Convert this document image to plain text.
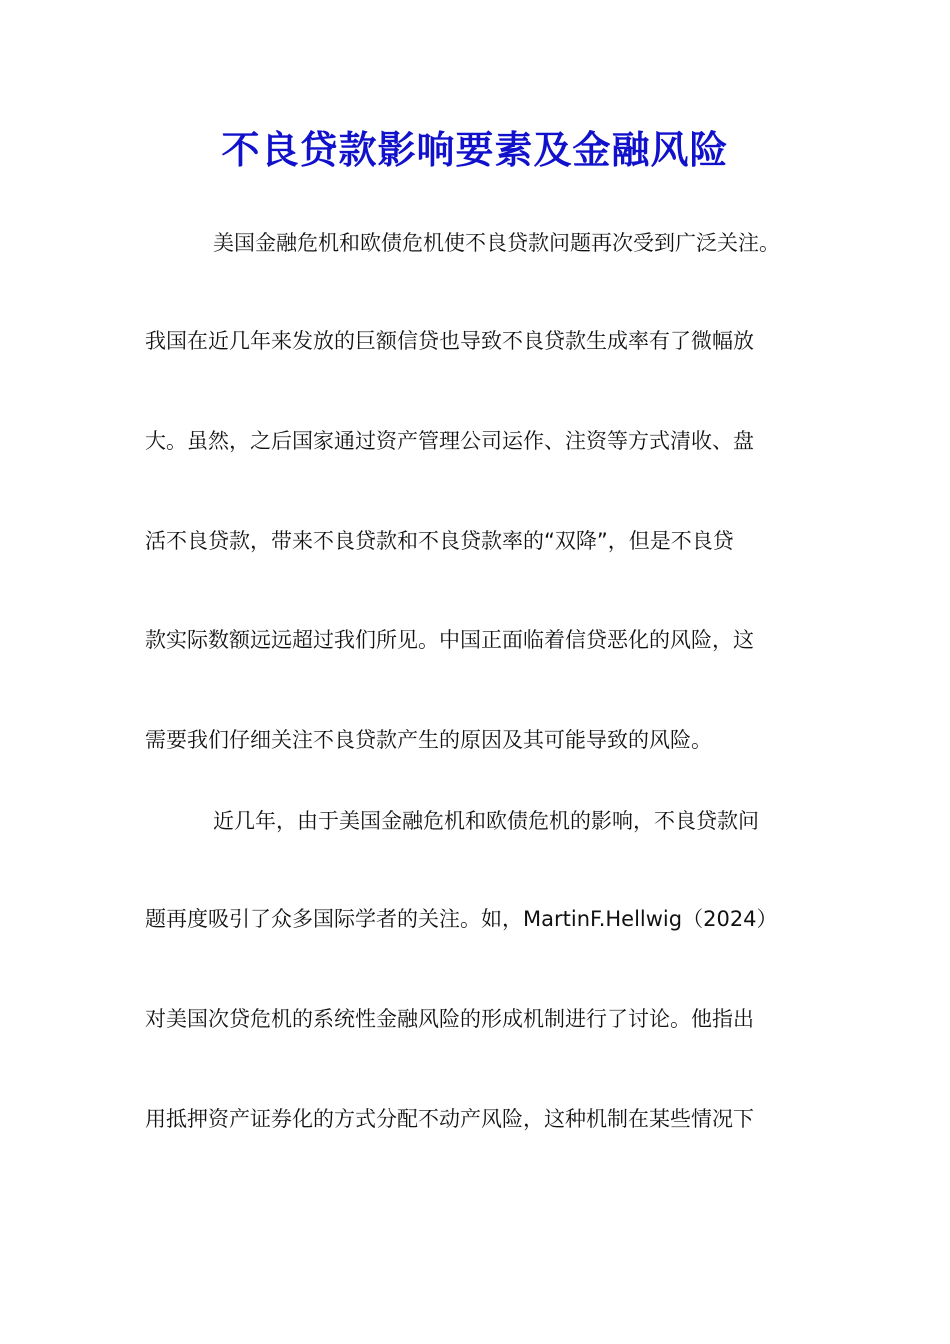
不良贷款影响要素及金融风险

美国金融危机和欧债危机使不良贷款问题再次受到广泛关注。

我国在近几年来发放的巨额信贷也导致不良贷款生成率有了微幅放

大。虽然，之后国家通过资产管理公司运作、注资等方式清收、盘

活不良贷款，带来不良贷款和不良贷款率的“双降”，但是不良贷

款实际数额远远超过我们所见。中国正面临着信贷恶化的风险，这

需要我们仔细关注不良贷款产生的原因及其可能导致的风险。

近几年，由于美国金融危机和欧债危机的影响，不良贷款问

题再度吸引了众多国际学者的关注。如，MartinF.Hellwig（2024）

对美国次贷危机的系统性金融风险的形成机制进行了讨论。他指出

用抵押资产证券化的方式分配不动产风险，这种机制在某些情况下
